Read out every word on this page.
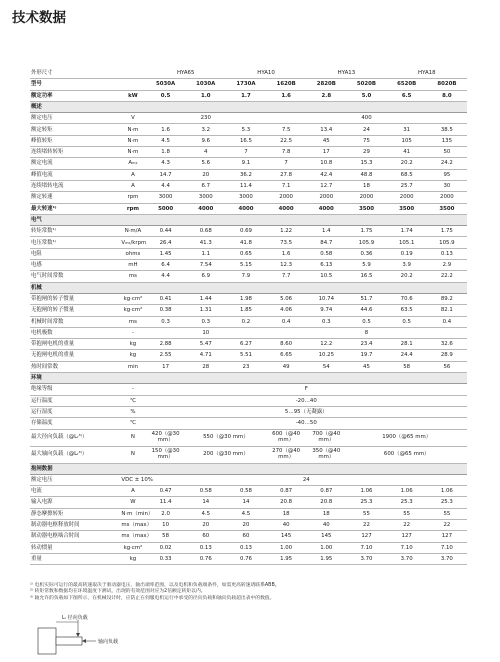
技术数据
外形尺寸		HYA65		HYA10		HYA13		HYA18	
型号		5030A	1030A	1730A	1620B	2820B	5020B	6520B	8020B
额定功率	kW	0.5	1.0	1.7	1.6	2.8	5.0	6.5	8.0
概述									
额定电压	V	230			400				
额定转矩	N·m	1.6	3.2	5.3	7.5	13.4	24	31	38.5
峰值转矩	N·m	4.5	9.6	16.5	22.5	45	75	105	135
连续堵转转矩	N·m	1.8	4	7	7.8	17	29	41	50
额定电流	Aₘₛ	4.3	5.6	9.1	7	10.8	15.3	20.2	24.2
峰值电流	A	14.7	20	36.2	27.8	42.4	48.8	68.5	95
连续堵转电流	A	4.4	6.7	11.4	7.1	12.7	18	25.7	30
额定转速	rpm	3000	3000	3000	2000	2000	2000	2000	2000
最大转速¹⁾	rpm	5000	4000	4000	4000	4000	3500	3500	3500
电气									
转矩常数¹⁾	N·m/A	0.44	0.68	0.69	1.22	1.4	1.75	1.74	1.75
电压常数¹⁾	Vₘₛ/krpm	26.4	41.3	41.8	73.5	84.7	105.9	105.1	105.9
电阻	ohms	1.45	1.1	0.65	1.6	0.58	0.36	0.19	0.13
电感	mH	6.4	7.54	5.15	12.3	6.13	5.9	3.9	2.9
电气时间常数	ms	4.4	6.9	7.9	7.7	10.5	16.5	20.2	22.2
机械									
带抱闸的转子惯量	kg·cm²	0.41	1.44	1.98	5.06	10.74	51.7	70.6	89.2
无抱闸的转子惯量	kg·cm²	0.38	1.31	1.85	4.06	9.74	44.6	63.5	82.1
机械时间常数	ms	0.3	0.3	0.2	0.4	0.3	0.5	0.5	0.4
电机极数	-	10			8				
带抱闸电机的重量	kg	2.88	5.47	6.27	8.60	12.2	23.4	28.1	32.6
无抱闸电机的重量	kg	2.55	4.71	5.51	6.65	10.25	19.7	24.4	28.9
热时间常数	min	17	28	23	49	54	45	58	56
环境									
绝缘等级	-	F							
运行温度	℃	-20…40							
运行湿度	%	5…95（无凝露）							
存储温度	℃	-40…50							
最大径向负载（@Lᵣ³⁾）	N	420（@30 mm）	550（@30 mm）		600（@40 mm）	700（@40 mm）	1900（@65 mm）		
最大轴向负载（@Lᵣ³⁾）	N	150（@30 mm）	200（@30 mm）		270（@40 mm）	350（@40 mm）	600（@65 mm）		
抱闸数据									
额定电压	VDC ± 10%	24							
电流	A	0.47	0.58	0.58	0.87	0.87	1.06	1.06	1.06
输入电源	W	11.4	14	14	20.8	20.8	25.3	25.3	25.3
静态摩擦转矩	N·m（min）	2.0	4.5	4.5	18	18	55	55	55
制动器电枢释放时间	ms（max）	10	20	20	40	40	22	22	22
制动器电枢啮合时间	ms（max）	58	60	60	145	145	127	127	127
转动惯量	kg·cm²	0.02	0.13	0.13	1.00	1.00	7.10	7.10	7.10
重量	kg	0.33	0.76	0.76	1.95	1.95	3.70	3.70	3.70
¹⁾ 电机实际可运行的最高转速取决于驱动器电压、轴出端率范围，以及电机和负载端条件，如需更高转速请联系ABB。
²⁾ 转矩常数和数据均在环境温度下测试，出现的有效范围对应为2倍额定转矩以内。
³⁾ 轴允许的负载如下图所示，在机械设计时，应防止在伺服电机运行中承受的径向负载和轴向负载超出表中的数值。
Lᵣ 径向负载
轴向负载
